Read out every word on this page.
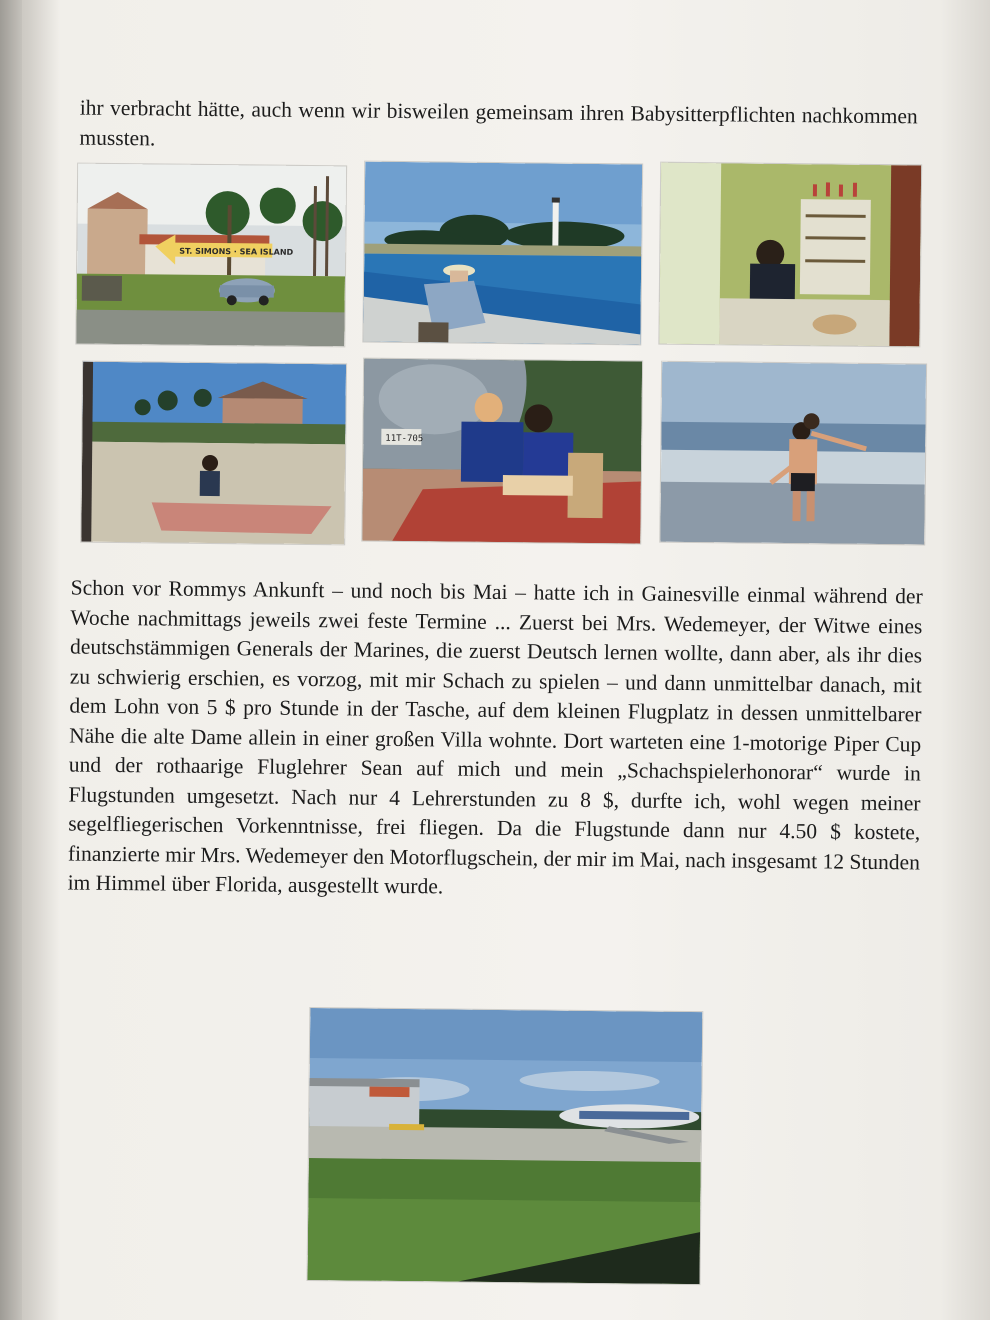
ihr verbracht hätte, auch wenn wir bisweilen gemeinsam ihren Babysitterpflichten nachkommen mussten.

ST. SIMONS · SEA ISLAND
11T-705

Schon vor Rommys Ankunft – und noch bis Mai – hatte ich in Gainesville einmal während der Woche nachmittags jeweils zwei feste Termine ... Zuerst bei Mrs. Wedemeyer, der Witwe eines deutschstämmigen Generals der Marines, die zuerst Deutsch lernen wollte, dann aber, als ihr dies zu schwierig erschien, es vorzog, mit mir Schach zu spielen – und dann unmittelbar danach, mit dem Lohn von 5 $ pro Stunde in der Tasche, auf dem kleinen Flugplatz in dessen unmittelbarer Nähe die alte Dame allein in einer großen Villa wohnte. Dort warteten eine 1-motorige Piper Cup und der rothaarige Fluglehrer Sean auf mich und mein „Schachspielerhonorar“ wurde in Flugstunden umgesetzt. Nach nur 4 Lehrerstunden zu 8 $, durfte ich, wohl wegen meiner segelfliegerischen Vorkenntnisse, frei fliegen. Da die Flugstunde dann nur 4.50 $ kostete, finanzierte mir Mrs. Wedemeyer den Motorflugschein, der mir im Mai, nach insgesamt 12 Stunden im Himmel über Florida, ausgestellt wurde.
